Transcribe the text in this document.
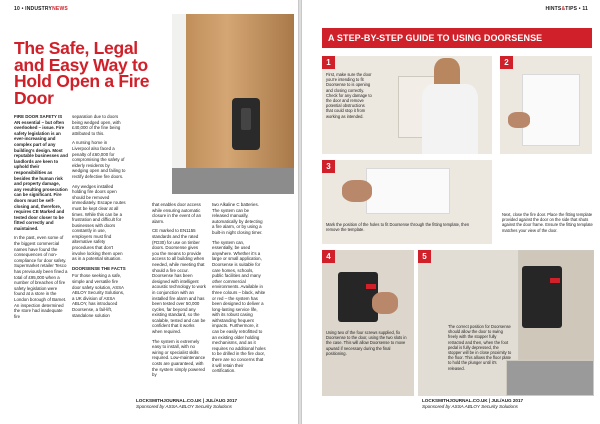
10 • INDUSTRYNEWS
The Safe, Legal and Easy Way to Hold Open a Fire Door

FIRE DOOR SAFETY IS AN essential – but often overlooked – issue. Fire safety legislation is an ever-increasing and complex part of any building's design. Most reputable businesses and landlords are keen to uphold their responsibilities as besides the human risk and property damage, any resulting prosecution can be significant. Fire doors must be self-closing and, therefore, requires CE Marked and tested door closer to be fitted correctly and maintained.

In the past, even some of the biggest commercial names have found the consequences of non-compliance for door safety. Supermarket retailer Tesco has previously been fined a total of £95,000 when a number of breaches of fire safety legislation were found at a store in the London borough of Barnet. An inspection determined the store had inadequate fire

separation due to doors being wedged open, with £40,000 of the fine being attributed to this.

A nursing home in Liverpool also faced a penalty of £60,000 for compromising the safety of elderly residents by wedging open and failing to rectify defective fire doors.

Any wedges installed holding fire doors open should be removed immediately. Escape routes must be kept clear at all times. While this can be a frustration and difficult for businesses with doors constantly in use, employers must find alternative safety procedures that don't involve locking them open as in a potential situation.

DOORSENSE THE FACTS

For those seeking a safe, simple and versatile fire door safety solution, ASSA ABLOY Security Solutions, a UK division of ASSA ABLOY, has introduced Doorsense, a fail-lift, standalone solution

that enables door access while ensuring automatic closure in the event of an alarm.

CE marked to EN1155 standards and the rated (FD30) for use on timber doors. Doorsense gives you the means to provide access to all building when needed, while meeting that should a fire occur. Doorsense has been designed with intelligent acoustic technology to work in conjunction with an installed fire alarm and has been tested over 50,000 cycles, far beyond any existing standard, so the scalable, tested and can be confident that it works when required.

The system is extremely easy to install, with no wiring or specialist skills required. Low-maintenance costs are guaranteed, with the system simply powered by

two Alkaline C batteries. The system can be released manually, automatically by detecting a fire alarm, or by using a built-in night closing timer.

The system can, essentially, be used anywhere. Whether it's a large or small application, Doorsense is suitable for care homes, schools, public facilities and many other commercial environments. Available in three colours – black, white or red – the system has been designed to deliver a long-lasting service life, with its robust casing withstanding frequent impacts. Furthermore, it can be easily retrofitted to an existing older holding mechanisms, and as it requires no additional holes to be drilled in the fire door, there are no concerns that it will retain their certification.

LOCKSMITHJOURNAL.CO.UK | JUL/AUG 2017
Sponsored by ASSA ABLOY Security Solutions
HINTS&TIPS • 11
A STEP-BY-STEP GUIDE TO USING DOORSENSE
1
First, make sure the door you're intending to fit Doorsense to is opening and closing correctly. Check for any damage to the door and remove potential obstructions that could stop it from working as intended.
2
3
Mark the position of the holes to fit Doorsense through the fitting template, then remove the template.
Next, close the fire door. Place the fitting template provided against the door on the side that shuts against the door frame. Ensure the fitting template matches your view of the door.
4
Using two of the four screws supplied, fix Doorsense to the door, using the two slots in the case. This will allow Doorsense to move upward if necessary during the final positioning.
5
The correct position for Doorsense should allow the door to swing freely with the stopper fully retracted and then, when the foot pedal is fully depressed, the stopper will be in close proximity to the floor. This allows the floor plate to hold the plunger until it's released.
LOCKSMITHJOURNAL.CO.UK | JUL/AUG 2017
Sponsored by ASSA ABLOY Security Solutions
